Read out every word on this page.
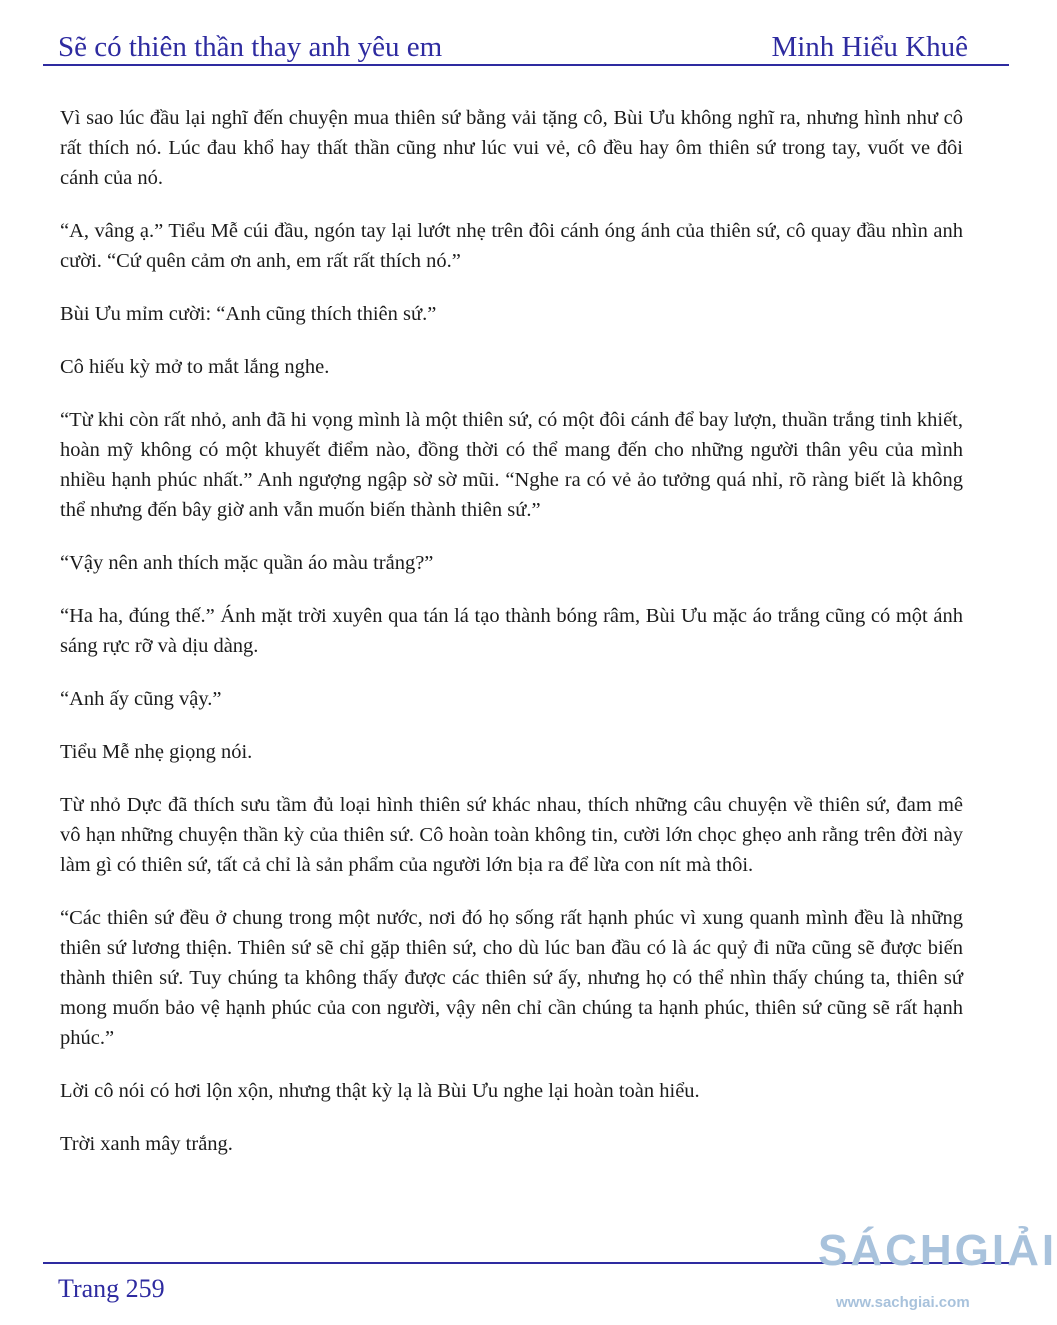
Sẽ có thiên thần thay anh yêu em	Minh Hiểu Khuê

Vì sao lúc đầu lại nghĩ đến chuyện mua thiên sứ bằng vải tặng cô, Bùi Ưu không nghĩ ra, nhưng hình như cô rất thích nó. Lúc đau khổ hay thất thần cũng như lúc vui vẻ, cô đều hay ôm thiên sứ trong tay, vuốt ve đôi cánh của nó.

“A, vâng ạ.” Tiểu Mễ cúi đầu, ngón tay lại lướt nhẹ trên đôi cánh óng ánh của thiên sứ, cô quay đầu nhìn anh cười. “Cứ quên cảm ơn anh, em rất rất thích nó.”

Bùi Ưu mỉm cười: “Anh cũng thích thiên sứ.”

Cô hiếu kỳ mở to mắt lắng nghe.

“Từ khi còn rất nhỏ, anh đã hi vọng mình là một thiên sứ, có một đôi cánh để bay lượn, thuần trắng tinh khiết, hoàn mỹ không có một khuyết điểm nào, đồng thời có thể mang đến cho những người thân yêu của mình nhiều hạnh phúc nhất.” Anh ngượng ngập sờ sờ mũi. “Nghe ra có vẻ ảo tưởng quá nhỉ, rõ ràng biết là không thể nhưng đến bây giờ anh vẫn muốn biến thành thiên sứ.”

“Vậy nên anh thích mặc quần áo màu trắng?”

“Ha ha, đúng thế.” Ánh mặt trời xuyên qua tán lá tạo thành bóng râm, Bùi Ưu mặc áo trắng cũng có một ánh sáng rực rỡ và dịu dàng.

“Anh ấy cũng vậy.”

Tiểu Mễ nhẹ giọng nói.

Từ nhỏ Dực đã thích sưu tầm đủ loại hình thiên sứ khác nhau, thích những câu chuyện về thiên sứ, đam mê vô hạn những chuyện thần kỳ của thiên sứ. Cô hoàn toàn không tin, cười lớn chọc ghẹo anh rằng trên đời này làm gì có thiên sứ, tất cả chỉ là sản phẩm của người lớn bịa ra để lừa con nít mà thôi.

“Các thiên sứ đều ở chung trong một nước, nơi đó họ sống rất hạnh phúc vì xung quanh mình đều là những thiên sứ lương thiện. Thiên sứ sẽ chỉ gặp thiên sứ, cho dù lúc ban đầu có là ác quỷ đi nữa cũng sẽ được biến thành thiên sứ. Tuy chúng ta không thấy được các thiên sứ ấy, nhưng họ có thể nhìn thấy chúng ta, thiên sứ mong muốn bảo vệ hạnh phúc của con người, vậy nên chỉ cần chúng ta hạnh phúc, thiên sứ cũng sẽ rất hạnh phúc.”

Lời cô nói có hơi lộn xộn, nhưng thật kỳ lạ là Bùi Ưu nghe lại hoàn toàn hiểu.

Trời xanh mây trắng.

Trang 259
SÁCHGIẢI
www.sachgiai.com
